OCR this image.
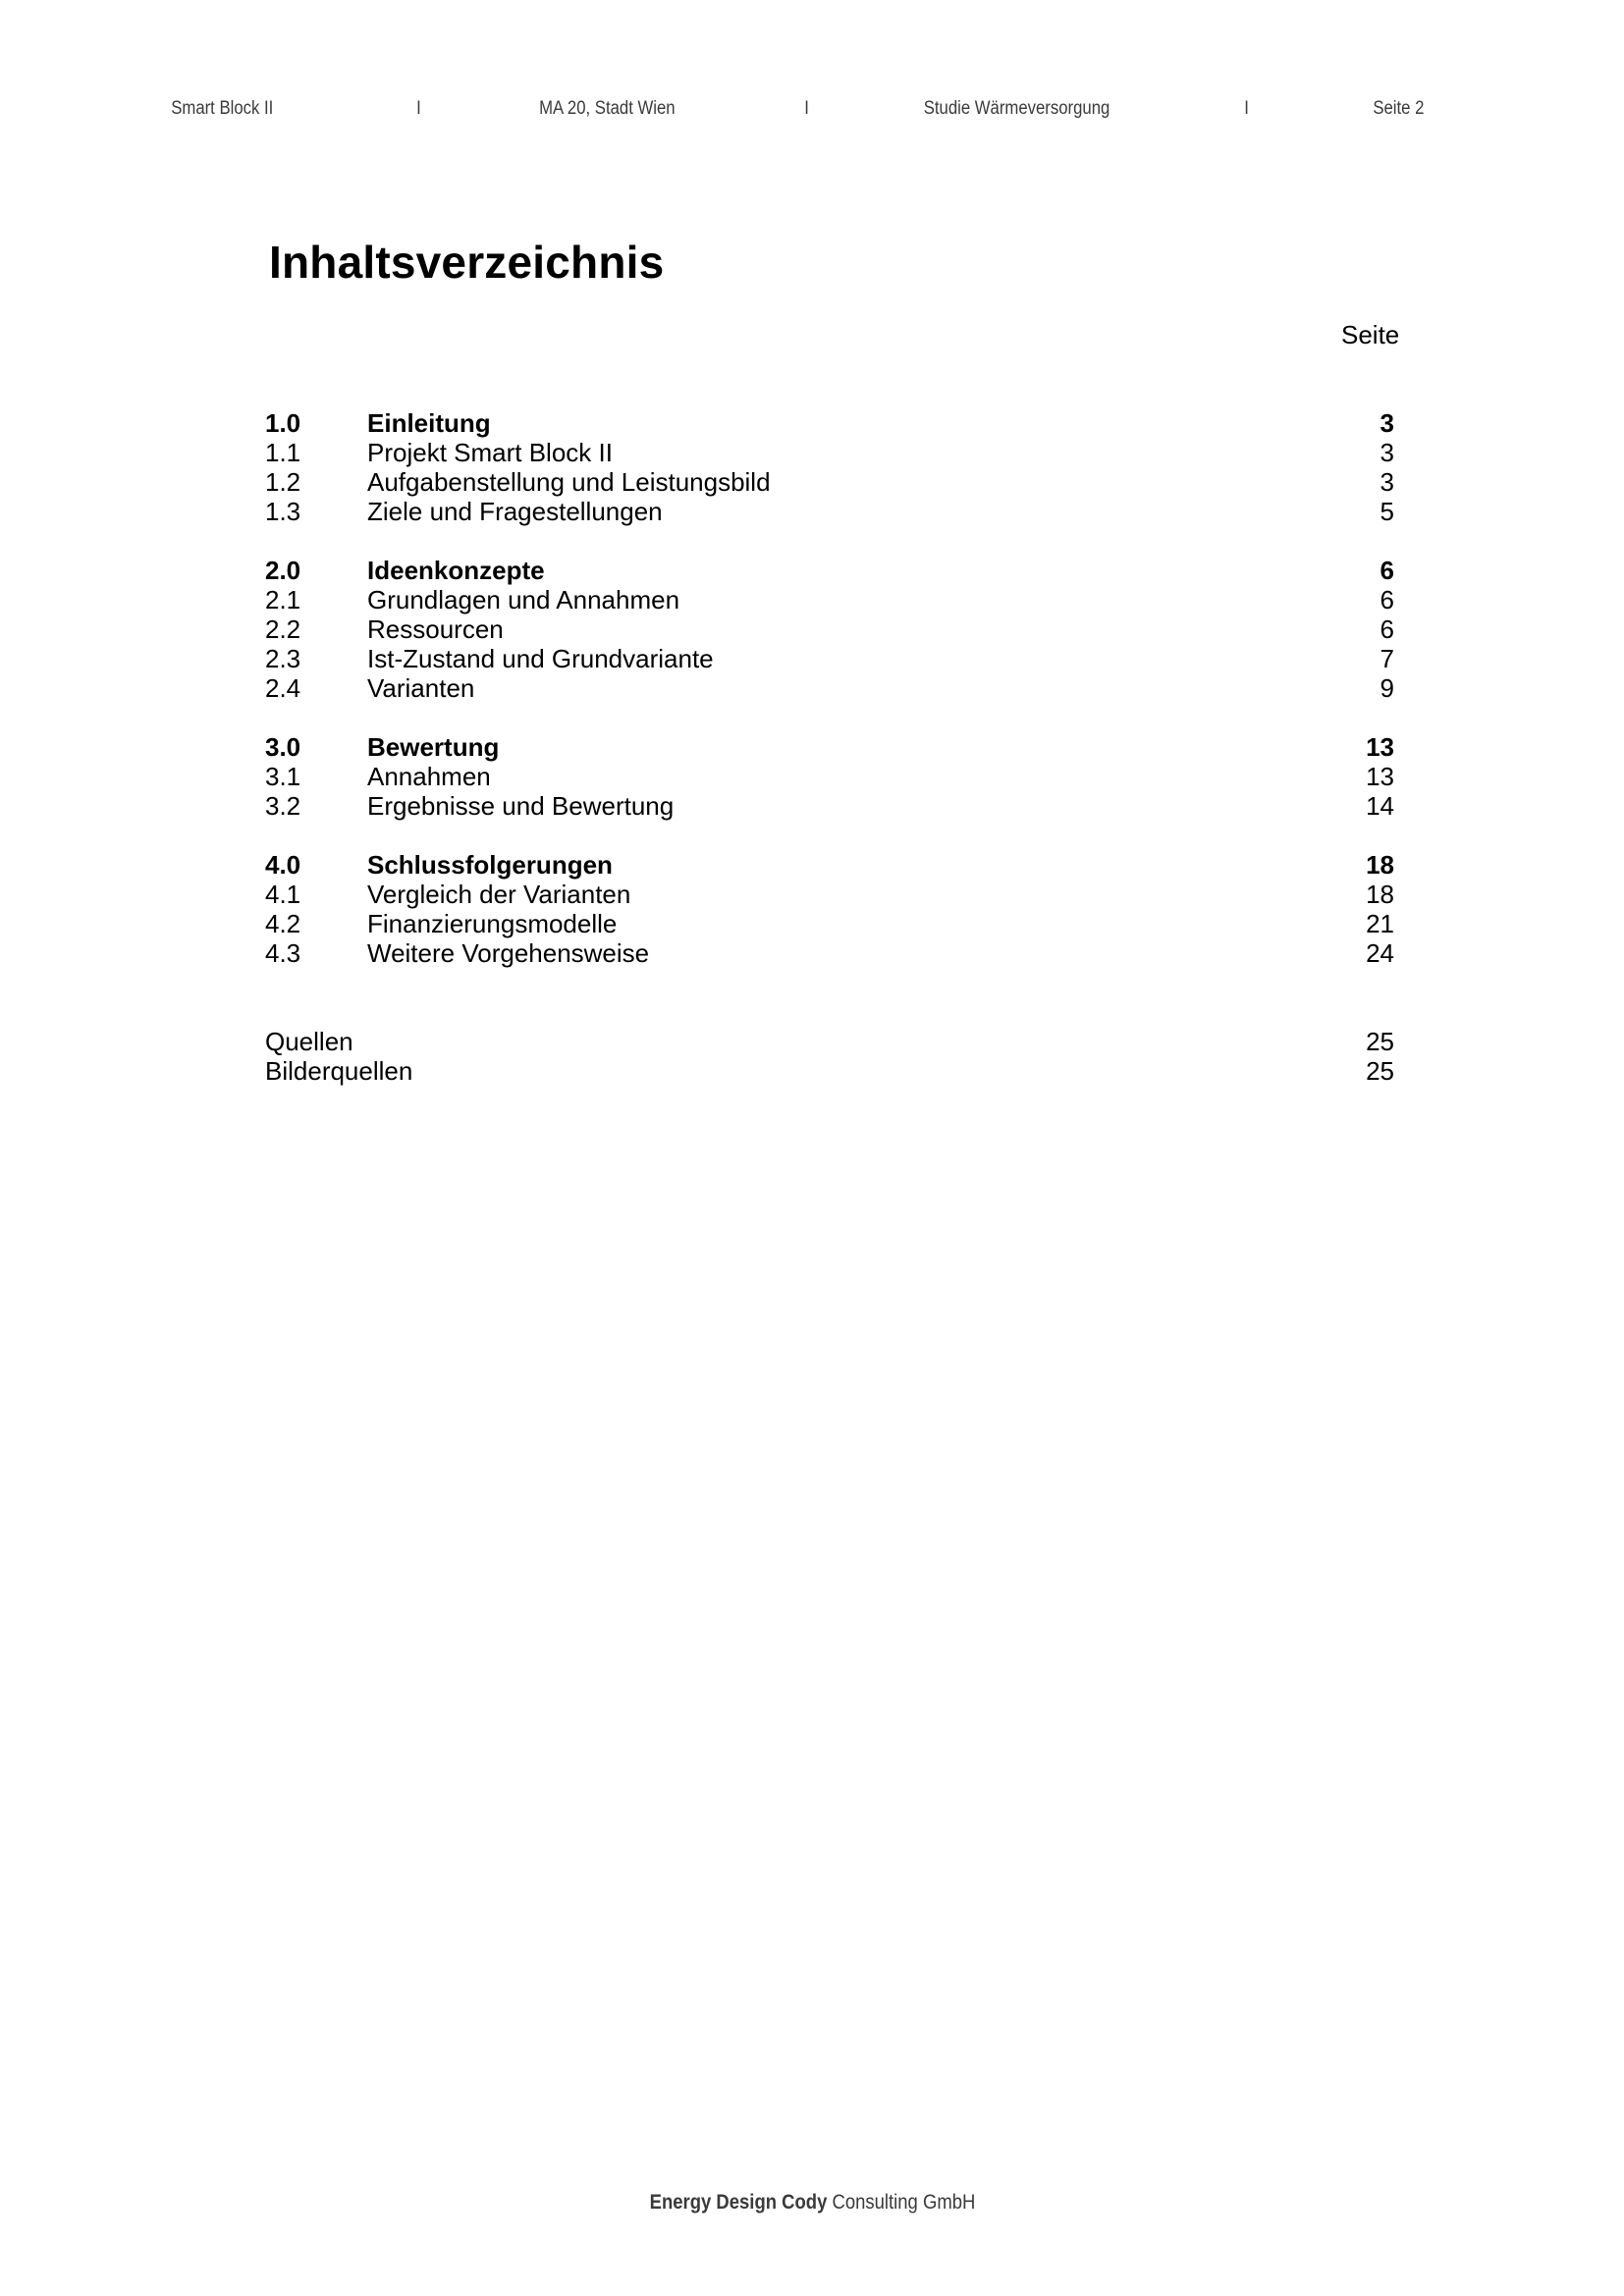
Smart Block II	I	MA 20, Stadt Wien	I	Studie Wärmeversorgung	I	Seite 2
Inhaltsverzeichnis
Seite
1.0	Einleitung	3
1.1	Projekt Smart Block II	3
1.2	Aufgabenstellung und Leistungsbild	3
1.3	Ziele und Fragestellungen	5
2.0	Ideenkonzepte	6
2.1	Grundlagen und Annahmen	6
2.2	Ressourcen	6
2.3	Ist-Zustand und Grundvariante	7
2.4	Varianten	9
3.0	Bewertung	13
3.1	Annahmen	13
3.2	Ergebnisse und Bewertung	14
4.0	Schlussfolgerungen	18
4.1	Vergleich der Varianten	18
4.2	Finanzierungsmodelle	21
4.3	Weitere Vorgehensweise	24
Quellen	25
Bilderquellen	25
Energy Design Cody Consulting GmbH
